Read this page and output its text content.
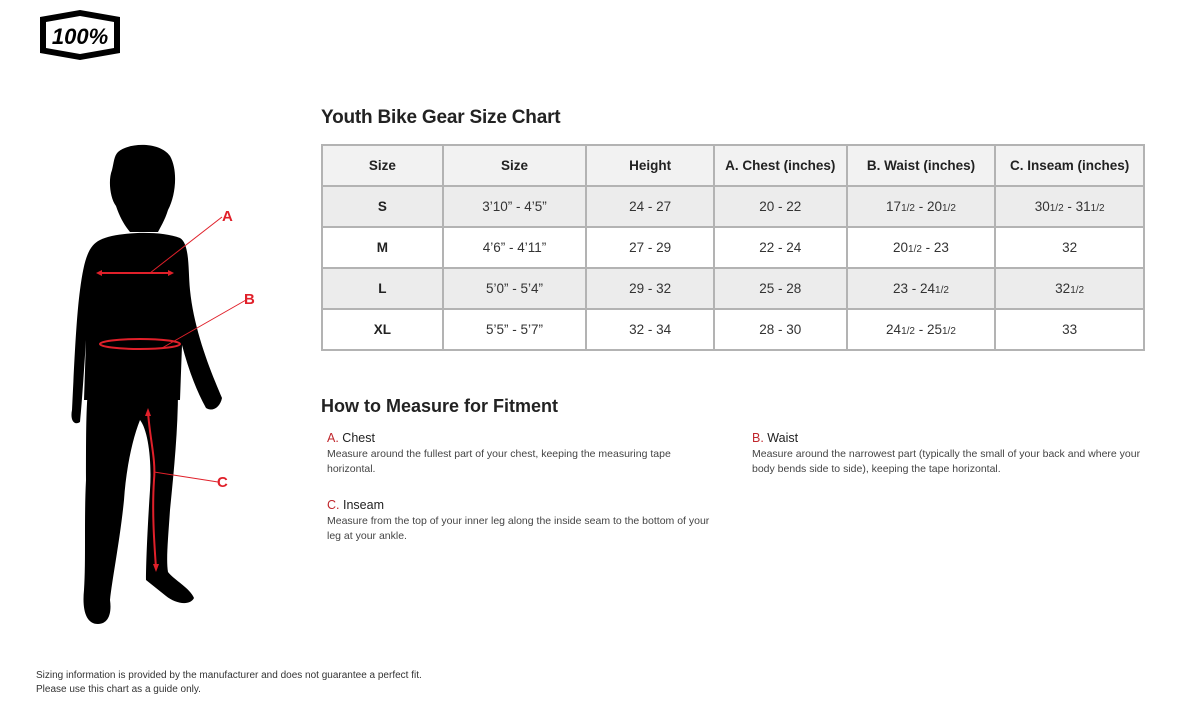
100%
A
B
C
Youth Bike Gear Size Chart
Size	Size	Height	A. Chest (inches)	B. Waist (inches)	C. Inseam (inches)
S	3’10” - 4’5”	24 - 27	20 - 22	171/2 - 201/2	301/2 - 311/2
M	4’6” - 4’11”	27 - 29	22 - 24	201/2 - 23	32
L	5’0” - 5’4”	29 - 32	25 - 28	23 - 241/2	321/2
XL	5’5” - 5’7”	32 - 34	28 - 30	241/2 - 251/2	33
How to Measure for Fitment
A. Chest
Measure around the fullest part of your chest, keeping the measuring tape horizontal.
B. Waist
Measure around the narrowest part (typically the small of your back and where your body bends side to side), keeping the tape horizontal.
C. Inseam
Measure from the top of your inner leg along the inside seam to the bottom of your leg at your ankle.
Sizing information is provided by the manufacturer and does not guarantee a perfect fit.
Please use this chart as a guide only.
